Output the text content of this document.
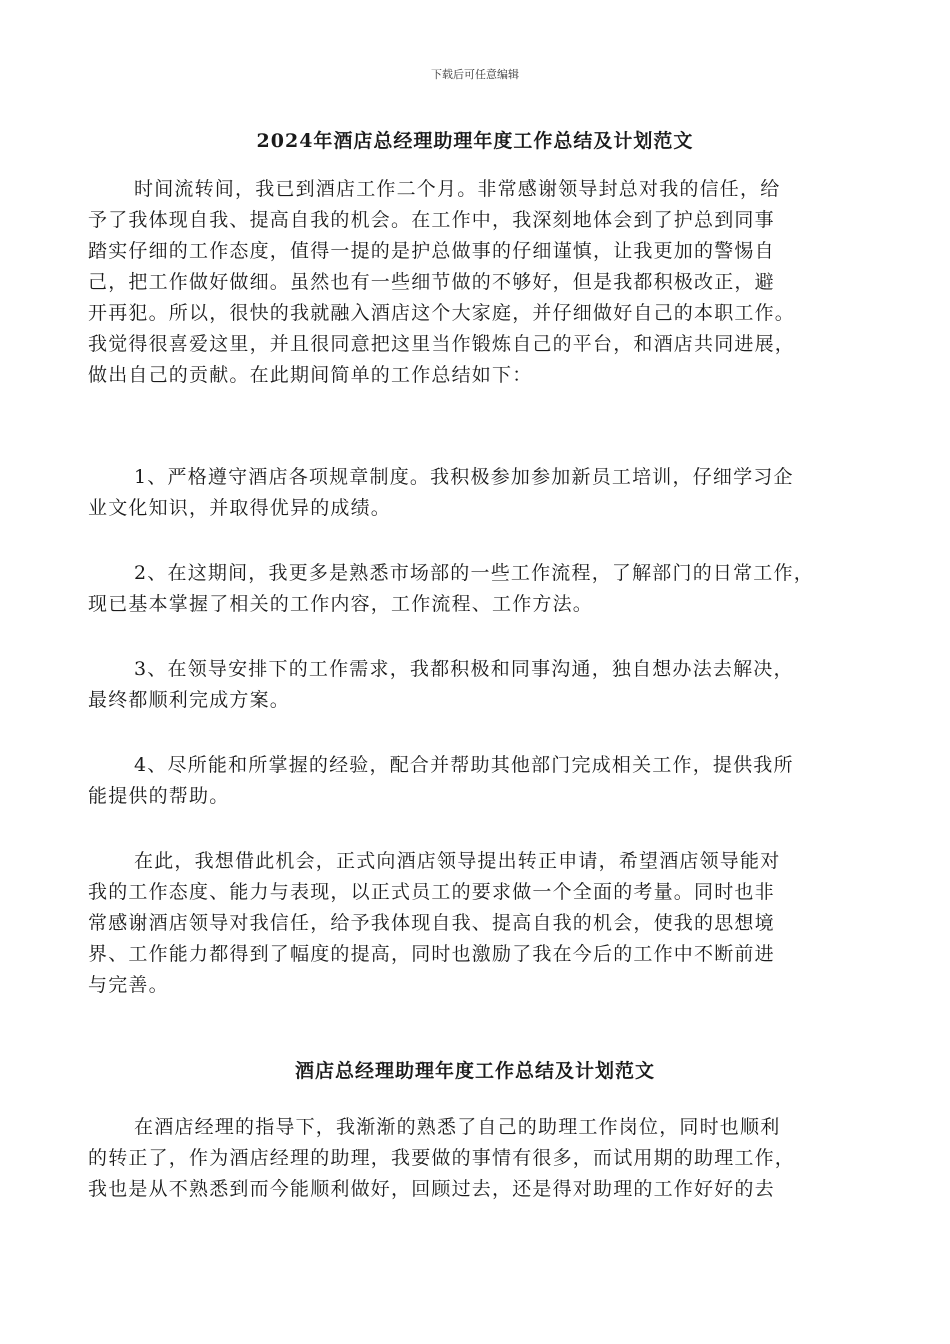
下载后可任意编辑
2024年酒店总经理助理年度工作总结及计划范文
时间流转间，我已到酒店工作二个月。非常感谢领导封总对我的信任，给
予了我体现自我、提高自我的机会。在工作中，我深刻地体会到了护总到同事
踏实仔细的工作态度，值得一提的是护总做事的仔细谨慎，让我更加的警惕自
己，把工作做好做细。虽然也有一些细节做的不够好，但是我都积极改正，避
开再犯。所以，很快的我就融入酒店这个大家庭，并仔细做好自己的本职工作。
我觉得很喜爱这里，并且很同意把这里当作锻炼自己的平台，和酒店共同进展，
做出自己的贡献。在此期间简单的工作总结如下：
1、严格遵守酒店各项规章制度。我积极参加参加新员工培训，仔细学习企
业文化知识，并取得优异的成绩。
2、在这期间，我更多是熟悉市场部的一些工作流程，了解部门的日常工作，
现已基本掌握了相关的工作内容，工作流程、工作方法。
3、在领导安排下的工作需求，我都积极和同事沟通，独自想办法去解决，
最终都顺利完成方案。
4、尽所能和所掌握的经验，配合并帮助其他部门完成相关工作，提供我所
能提供的帮助。
在此，我想借此机会，正式向酒店领导提出转正申请，希望酒店领导能对
我的工作态度、能力与表现，以正式员工的要求做一个全面的考量。同时也非
常感谢酒店领导对我信任，给予我体现自我、提高自我的机会，使我的思想境
界、工作能力都得到了幅度的提高，同时也激励了我在今后的工作中不断前进
与完善。
酒店总经理助理年度工作总结及计划范文
在酒店经理的指导下，我渐渐的熟悉了自己的助理工作岗位，同时也顺利
的转正了，作为酒店经理的助理，我要做的事情有很多，而试用期的助理工作，
我也是从不熟悉到而今能顺利做好，回顾过去，还是得对助理的工作好好的去
